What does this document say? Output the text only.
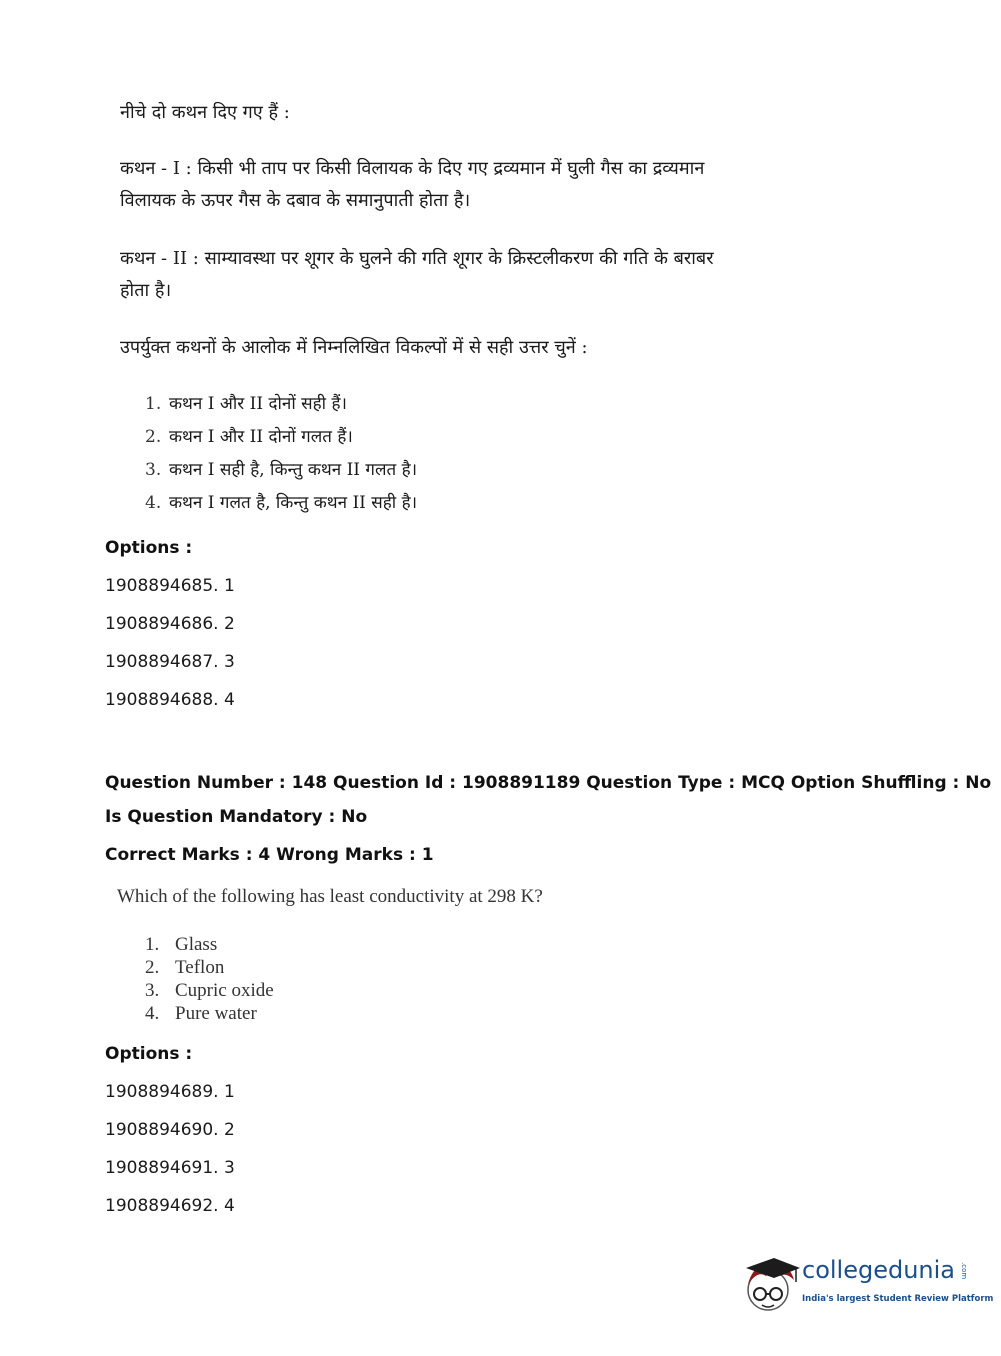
नीचे दो कथन दिए गए हैं :

कथन - I : किसी भी ताप पर किसी विलायक के दिए गए द्रव्यमान में घुली गैस का द्रव्यमान

विलायक के ऊपर गैस के दबाव के समानुपाती होता है।

कथन - II : साम्यावस्था पर शूगर के घुलने की गति शूगर के क्रिस्टलीकरण की गति के बराबर

होता है।

उपर्युक्त कथनों के आलोक में निम्नलिखित विकल्पों में से सही उत्तर चुनें :

1. कथन I और II दोनों सही हैं।
2. कथन I और II दोनों गलत हैं।
3. कथन I सही है, किन्तु कथन II गलत है।
4. कथन I गलत है, किन्तु कथन II सही है।
Options :
1908894685. 1
1908894686. 2
1908894687. 3
1908894688. 4
Question Number : 148 Question Id : 1908891189 Question Type : MCQ Option Shuffling : No
Is Question Mandatory : No
Correct Marks : 4 Wrong Marks : 1
Which of the following has least conductivity at 298 K?
1. Glass
2. Teflon
3. Cupric oxide
4. Pure water
Options :
1908894689. 1
1908894690. 2
1908894691. 3
1908894692. 4
collegedunia .com
India's largest Student Review Platform
